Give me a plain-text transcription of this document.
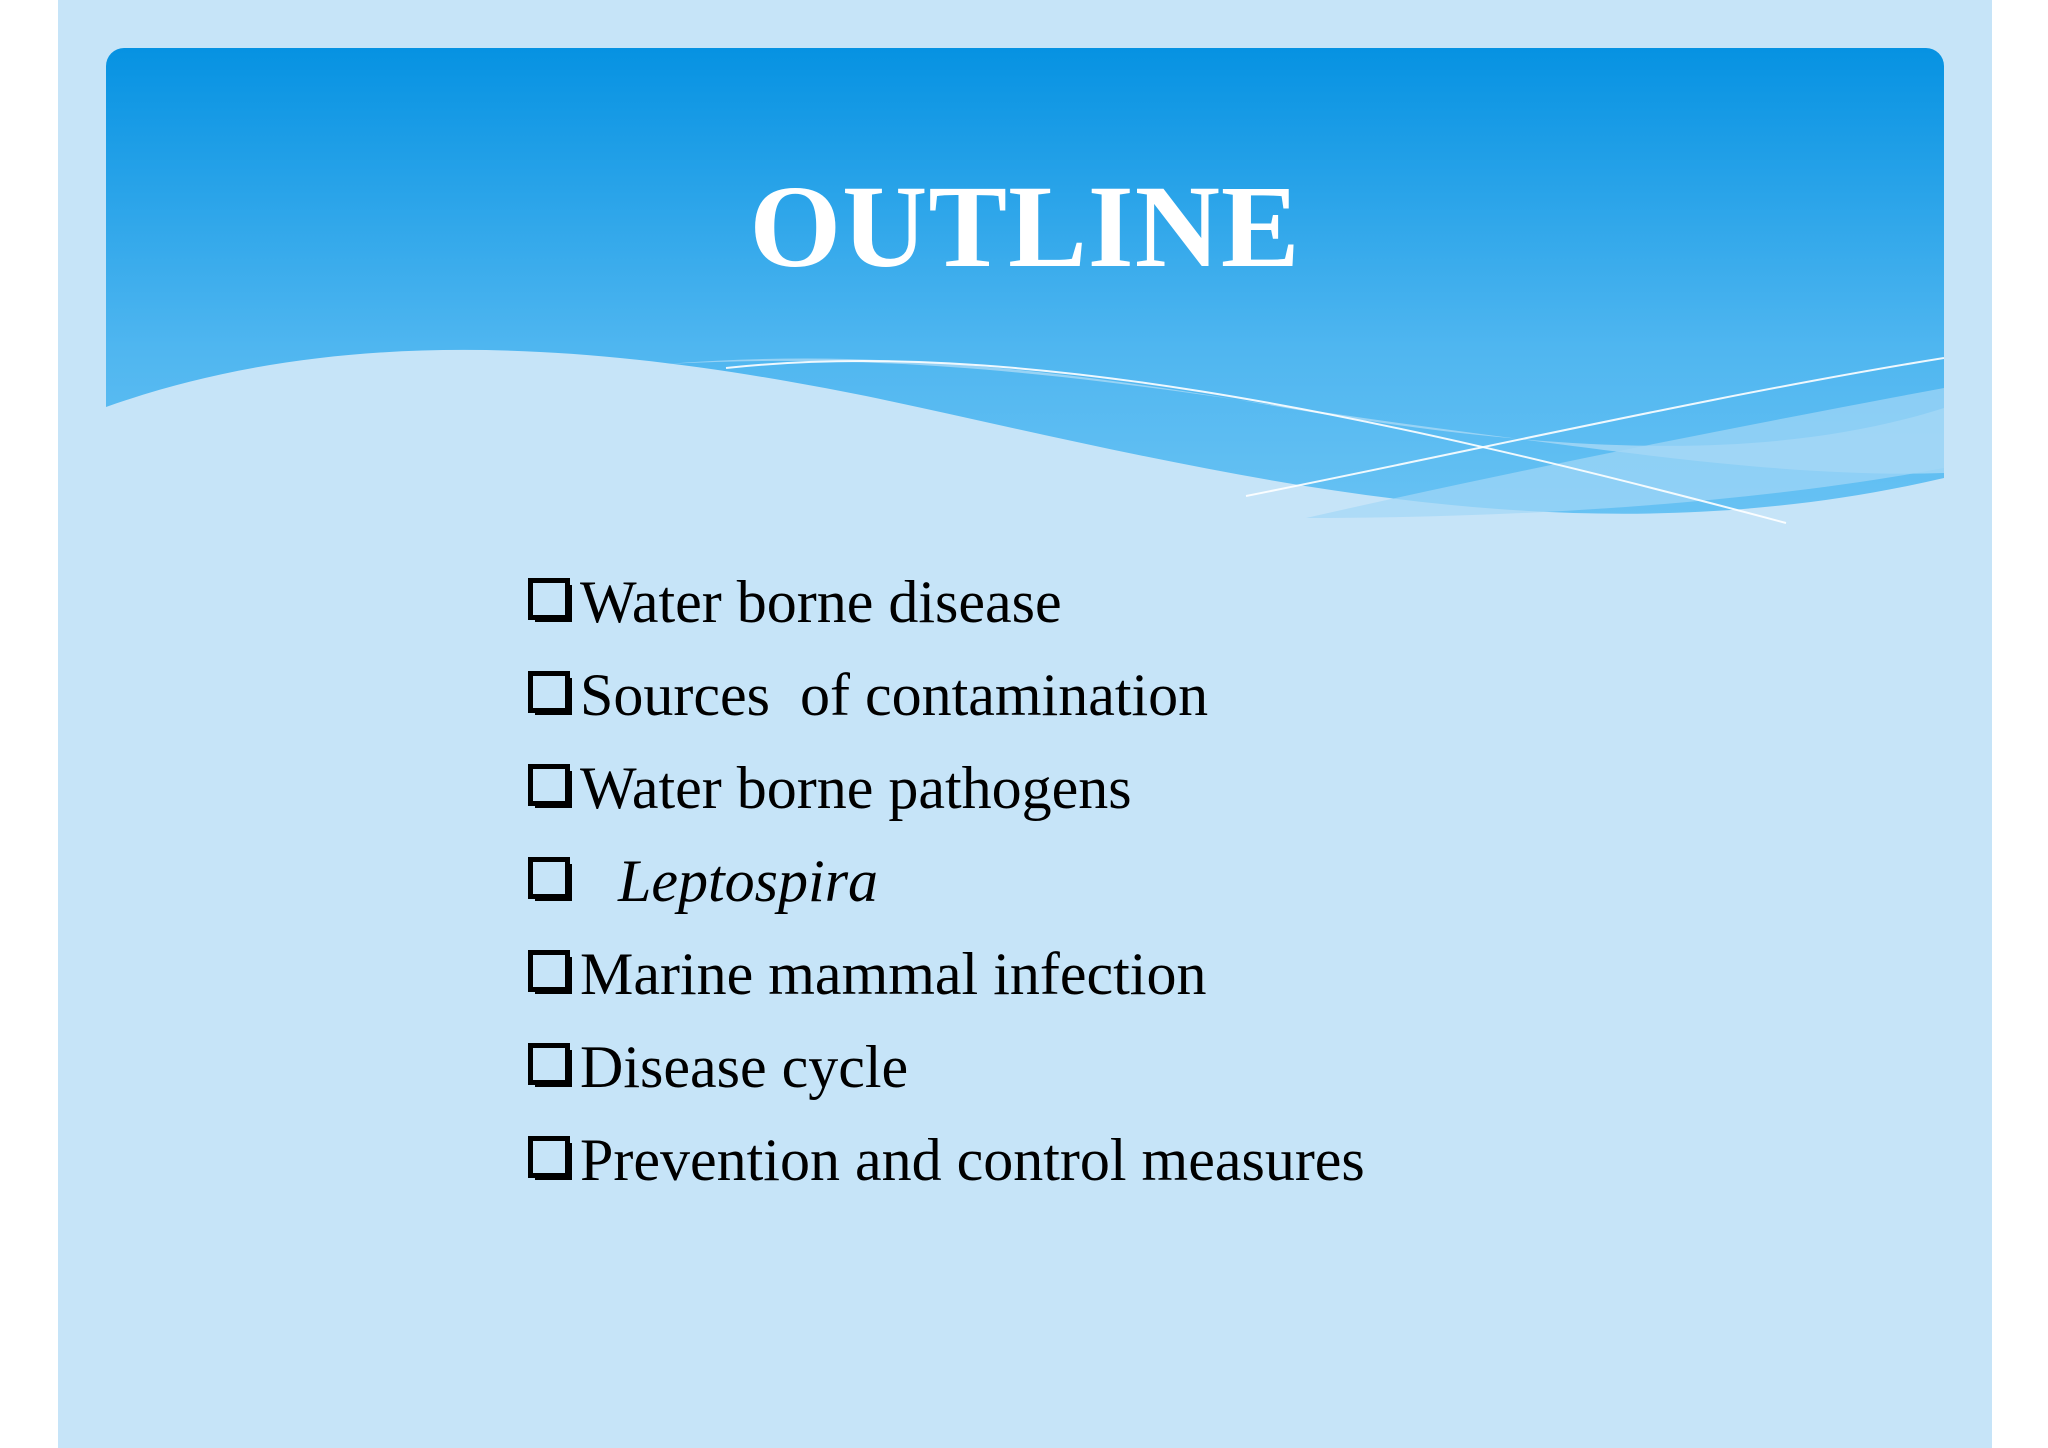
OUTLINE
Water borne disease
Sources  of contamination
Water borne pathogens
Leptospira
Marine mammal infection
Disease cycle
Prevention and control measures
